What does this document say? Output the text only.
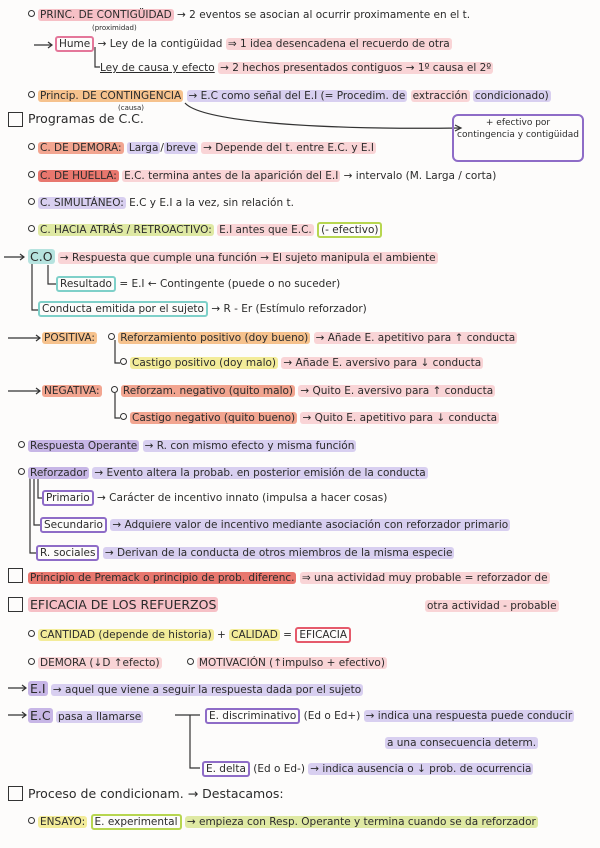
PRINC. DE CONTIGÜIDAD → 2 eventos se asocian al ocurrir proximamente en el t.
(proximidad)
Hume → Ley de la contigüidad ⇒ 1 idea desencadena el recuerdo de otra
Ley de causa y efecto → 2 hechos presentados contiguos → 1º causa el 2º
Princip. DE CONTINGENCIA → E.C como señal del E.I (= Procedim. de extracción condicionado)
(causa)
Programas de C.C.
contingencia y contigüidad
+ efectivo por
C. DE DEMORA: Larga / breve → Depende del t. entre E.C. y E.I
C. DE HUELLA: E.C. termina antes de la aparición del E.I → intervalo (M. Larga / corta)
C. SIMULTÁNEO: E.C y E.I a la vez, sin relación t.
C. HACIA ATRÁS / RETROACTIVO: E.I antes que E.C. (- efectivo)
C.O → Respuesta que cumple una función → El sujeto manipula el ambiente
Resultado = E.I ← Contingente (puede o no suceder)
Conducta emitida por el sujeto → R - Er (Estímulo reforzador)
POSITIVA: Reforzamiento positivo (doy bueno) → Añade E. apetitivo para ↑ conducta
Castigo positivo (doy malo) → Añade E. aversivo para ↓ conducta
NEGATIVA: Reforzam. negativo (quito malo) → Quito E. aversivo para ↑ conducta
Castigo negativo (quito bueno) → Quito E. apetitivo para ↓ conducta
Respuesta Operante → R. con mismo efecto y misma función
Reforzador → Evento altera la probab. en posterior emisión de la conducta
Primario → Carácter de incentivo innato (impulsa a hacer cosas)
Secundario → Adquiere valor de incentivo mediante asociación con reforzador primario
R. sociales → Derivan de la conducta de otros miembros de la misma especie
Principio de Premack o principio de prob. diferenc. ⇒ una actividad muy probable = reforzador de
otra actividad - probable
EFICACIA DE LOS REFUERZOS
CANTIDAD (depende de historia) + CALIDAD = EFICACIA
DEMORA (↓D ↑efecto)	MOTIVACIÓN (↑impulso + efectivo)
E.I → aquel que viene a seguir la respuesta dada por el sujeto
E.C pasa a llamarse	E. discriminativo (Ed o Ed+) → indica una respuesta puede conducir
a una consecuencia determ.
E. delta (Ed o Ed-) → indica ausencia o ↓ prob. de ocurrencia
Proceso de condicionam. → Destacamos:
ENSAYO: E. experimental → empieza con Resp. Operante y termina cuando se da reforzador
